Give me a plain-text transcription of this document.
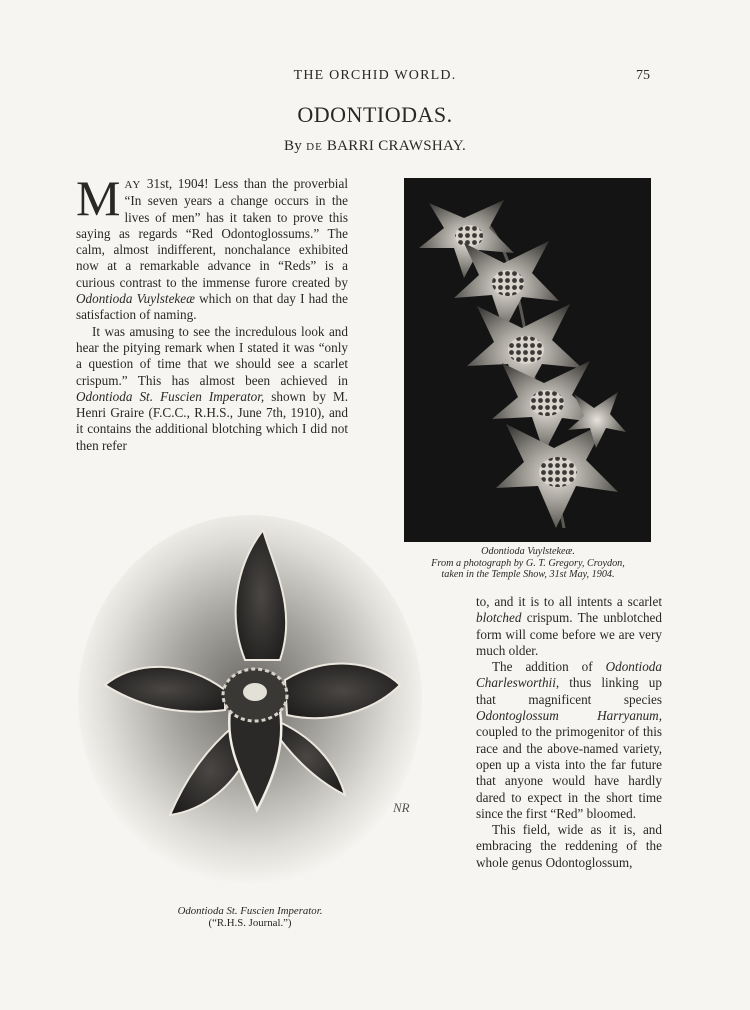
THE ORCHID WORLD.	75
ODONTIODAS.
By DE BARRI CRAWSHAY.

MAY 31st, 1904! Less than the proverbial “In seven years a change occurs in the lives of men” has it taken to prove this saying as regards “Red Odontoglossums.” The calm, almost indifferent, nonchalance exhibited now at a remarkable advance in “Reds” is a curious contrast to the immense furore created by Odontioda Vuylstekeæ which on that day I had the satisfaction of naming.

It was amusing to see the incredulous look and hear the pitying remark when I stated it was “only a question of time that we should see a scarlet crispum.” This has almost been achieved in Odontioda St. Fuscien Imperator, shown by M. Henri Graire (F.C.C., R.H.S., June 7th, 1910), and it contains the additional blotching which I did not then refer

Odontioda Vuylstekeæ.
From a photograph by G. T. Gregory, Croydon,
taken in the Temple Show, 31st May, 1904.
NR
Odontioda St. Fuscien Imperator.
(“R.H.S. Journal.”)

to, and it is to all intents a scarlet blotched crispum. The unblotched form will come before we are very much older.

The addition of Odontioda Charlesworthii, thus linking up that magnificent species Odontoglossum Harryanum, coupled to the primogenitor of this race and the above-named variety, open up a vista into the far future that anyone would have hardly dared to expect in the short time since the first “Red” bloomed.

This field, wide as it is, and embracing the reddening of the whole genus Odontoglossum,
